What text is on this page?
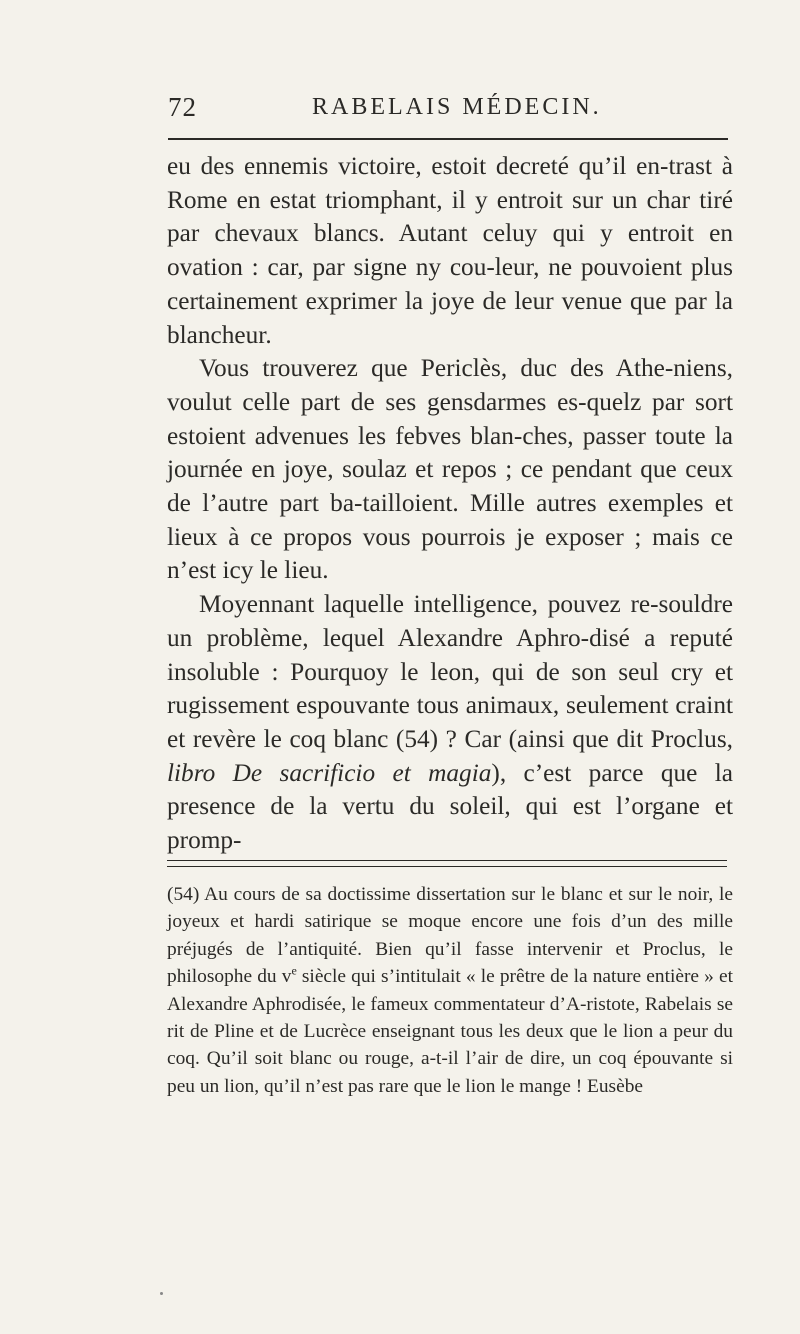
72	RABELAIS MÉDECIN.

eu des ennemis victoire, estoit decreté qu’il en-trast à Rome en estat triomphant, il y entroit sur un char tiré par chevaux blancs. Autant celuy qui y entroit en ovation : car, par signe ny cou-leur, ne pouvoient plus certainement exprimer la joye de leur venue que par la blancheur.

Vous trouverez que Periclès, duc des Athe-niens, voulut celle part de ses gensdarmes es-quelz par sort estoient advenues les febves blan-ches, passer toute la journée en joye, soulaz et repos ; ce pendant que ceux de l’autre part ba-tailloient. Mille autres exemples et lieux à ce propos vous pourrois je exposer ; mais ce n’est icy le lieu.

Moyennant laquelle intelligence, pouvez re-souldre un problème, lequel Alexandre Aphro-disé a reputé insoluble : Pourquoy le leon, qui de son seul cry et rugissement espouvante tous animaux, seulement craint et revère le coq blanc (54) ? Car (ainsi que dit Proclus, libro De sacrificio et magia), c’est parce que la presence de la vertu du soleil, qui est l’organe et promp-

(54) Au cours de sa doctissime dissertation sur le blanc et sur le noir, le joyeux et hardi satirique se moque encore une fois d’un des mille préjugés de l’antiquité. Bien qu’il fasse intervenir et Proclus, le philosophe du $v^e$ siècle qui s’intitulait « le prêtre de la nature entière » et Alexandre Aphrodisée, le fameux commentateur d’A-ristote, Rabelais se rit de Pline et de Lucrèce enseignant tous les deux que le lion a peur du coq. Qu’il soit blanc ou rouge, a-t-il l’air de dire, un coq épouvante si peu un lion, qu’il n’est pas rare que le lion le mange ! Eusèbe
